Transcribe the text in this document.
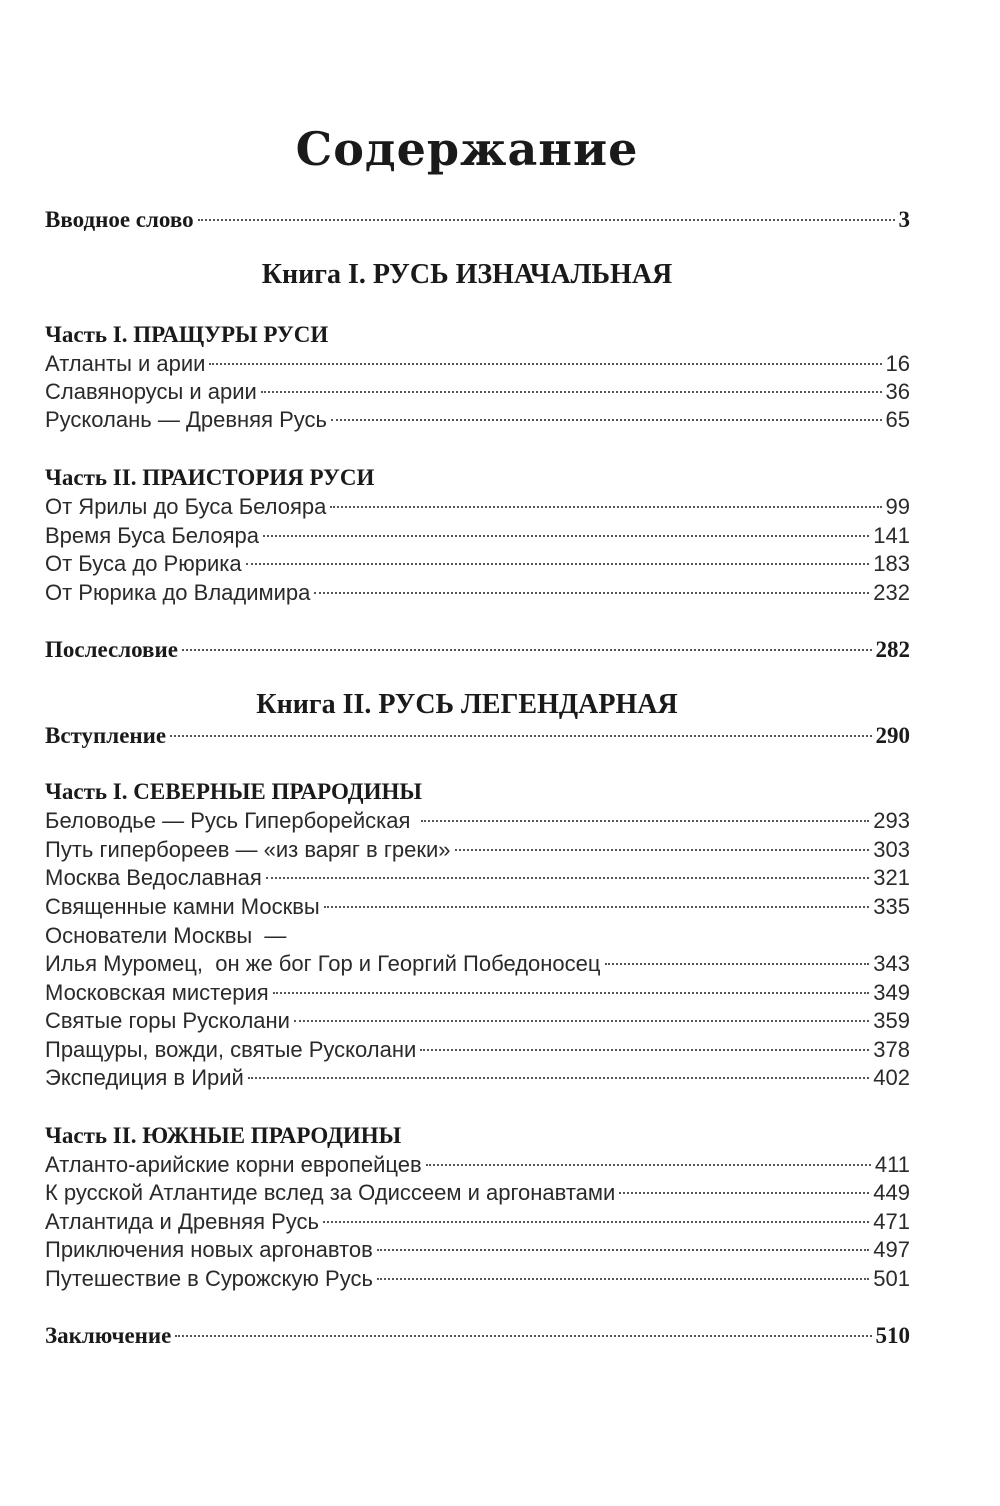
Содержание
Вводное слово	3
Книга I. РУСЬ ИЗНАЧАЛЬНАЯ
Часть I. ПРАЩУРЫ РУСИ
Атланты и арии	16
Славянорусы и арии	36
Русколань — Древняя Русь	65
Часть II. ПРАИСТОРИЯ РУСИ
От Ярилы до Буса Белояра	99
Время Буса Белояра	141
От Буса до Рюрика	183
От Рюрика до Владимира	232
Послесловие	282
Книга II. РУСЬ ЛЕГЕНДАРНАЯ
Вступление	290
Часть I. СЕВЕРНЫЕ ПРАРОДИНЫ
Беловодье — Русь Гиперборейская	293
Путь гипербореев — «из варяг в греки»	303
Москва Ведославная	321
Священные камни Москвы	335
Основатели Москвы  —
Илья Муромец,  он же бог Гор и Георгий Победоносец	343
Московская мистерия	349
Святые горы Русколани	359
Пращуры, вожди, святые Русколани	378
Экспедиция в Ирий	402
Часть II. ЮЖНЫЕ ПРАРОДИНЫ
Атланто-арийские корни европейцев	411
К русской Атлантиде вслед за Одиссеем и аргонавтами	449
Атлантида и Древняя Русь	471
Приключения новых аргонавтов	497
Путешествие в Сурожскую Русь	501
Заключение	510
